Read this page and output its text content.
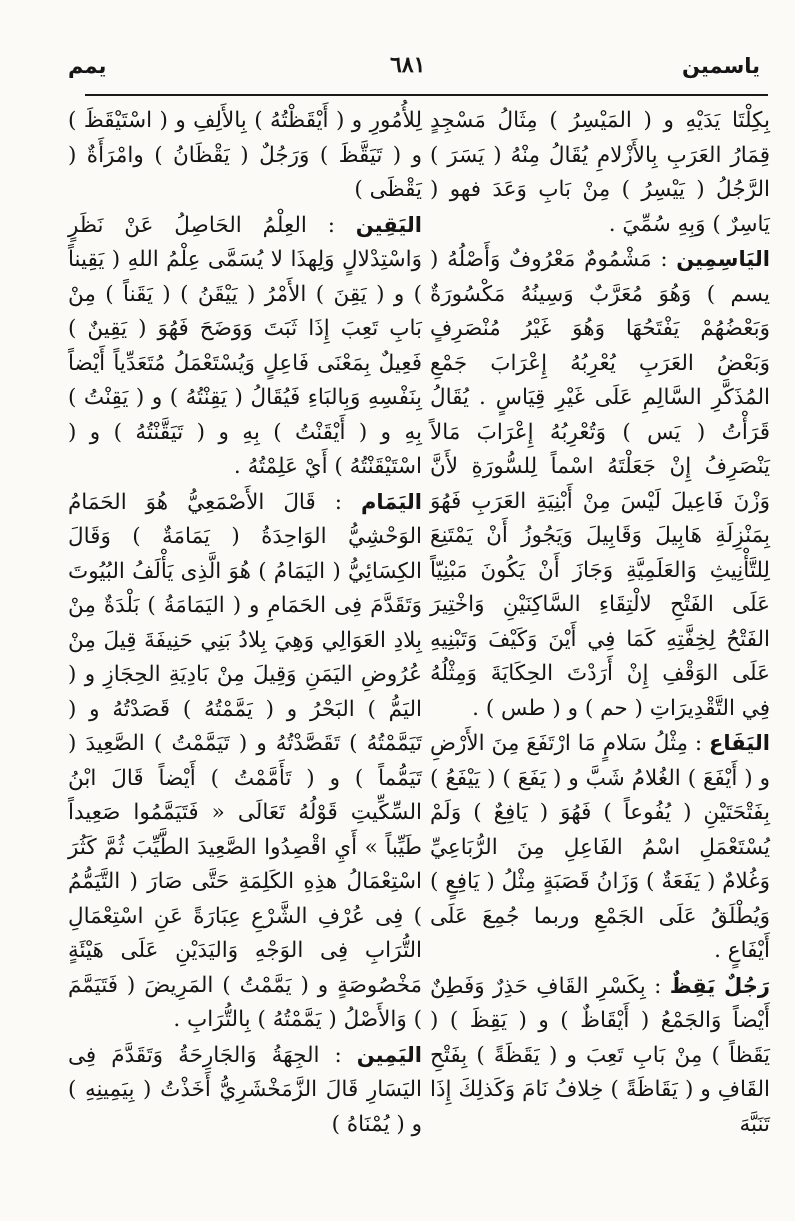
يمم	٦٨١	ياسمين

بِكِلْتَا يَدَيْهِ و ( المَيْسِرُ ) مِثَالُ مَسْجِدٍ قِمَارُ العَرَبِ بِالأَزْلامِ يُقَالُ مِنْهُ ( يَسَرَ ) الرَّجُلُ ( يَيْسِرُ ) مِنْ بَابِ وَعَدَ فهو ( يَاسِرٌ ) وَبِهِ سُمِّيَ .

اليَاسِمِين : مَشْمُومٌ مَعْرُوفٌ وَأَصْلُهُ ( يسم ) وَهُوَ مُعَرَّبٌ وَسِينُهُ مَكْسُورَةٌ وَبَعْضُهُمْ يَفْتَحُهَا وَهُوَ غَيْرُ مُنْصَرِفٍ وَبَعْضُ العَرَبِ يُعْرِبُهُ إِعْرَابَ جَمْعِ المُذَكَّرِ السَّالِمِ عَلَى غَيْرِ قِيَاسٍ . يُقَالُ قَرَأْتُ ( يَس ) وَتُعْرِبُهُ إِعْرَابَ مَالاً يَنْصَرِفُ إِنْ جَعَلْتَهُ اسْماً لِلسُّورَةِ لأَنَّ وَزْنَ فَاعِيلَ لَيْسَ مِنْ أَبْنِيَةِ العَرَبِ فَهُوَ بِمَنْزِلَةِ هَابِيلَ وَقَابِيلَ وَيَجُوزُ أَنْ يَمْتَنِعَ لِلتَّأْنِيثِ وَالعَلَمِيَّةِ وَجَازَ أَنْ يَكُونَ مَبْنِيّاً عَلَى الفَتْحِ لالْتِقَاءِ السَّاكِنَيْنِ وَاخْتِيرَ الفَتْحُ لِخِفَّتِهِ كَمَا فِي أَيْنَ وَكَيْفَ وَتَبْنِيهِ عَلَى الوَقْفِ إِنْ أَرَدْتَ الحِكَايَةَ وَمِثْلُهُ فِي التَّقْدِيرَاتِ ( حم ) و ( طس ) .

اليَفَاع : مِثْلُ سَلامٍ مَا ارْتَفَعَ مِنَ الأَرْضِ و ( أَيْفَعَ ) الغُلامُ شَبَّ و ( يَفَعَ ) ( يَيْفَعُ ) بِفَتْحَتَيْنِ ( يُفُوعاً ) فَهُوَ ( يَافِعٌ ) وَلَمْ يُسْتَعْمَلِ اسْمُ الفَاعِلِ مِنَ الرُّبَاعِيِّ وَغُلامٌ ( يَفَعَةٌ ) وَزَانُ قَصَبَةٍ مِثْلُ ( يَافِعٍ ) وَيُطْلَقُ عَلَى الجَمْعِ وربما جُمِعَ عَلَى أَيْفَاعٍ .

رَجُلٌ يَقِظٌ : بِكَسْرِ القَافِ حَذِرٌ وَفَطِنٌ أَيْضاً وَالجَمْعُ ( أَيْقَاظٌ ) و ( يَقِظَ ) ( يَقَظاً ) مِنْ بَابِ تَعِبَ و ( يَقَظَةً ) بِفَتْحِ القَافِ و ( يَقَاظَةً ) خِلافُ نَامَ وَكَذلِكَ إِذَا تَنَبَّهَ

لِلأُمُورِ و ( أَيْقَظْتُهُ ) بِالأَلِفِ و ( اسْتَيْقَظَ ) و ( تَيَقَّظَ ) وَرَجُلٌ ( يَقْظَانُ ) وامْرَأَةٌ ( يَقْظَى )

اليَقِين : العِلْمُ الحَاصِلُ عَنْ نَظَرٍ وَاسْتِدْلالٍ وَلِهذَا لا يُسَمَّى عِلْمُ اللهِ ( يَقِيناً ) و ( يَقِنَ ) الأَمْرُ ( يَيْقَنُ ) ( يَقَناً ) مِنْ بَابِ تَعِبَ إِذَا ثَبَتَ وَوَضَحَ فَهُوَ ( يَقِينٌ ) فَعِيلٌ بِمَعْنَى فَاعِلٍ وَيُسْتَعْمَلُ مُتَعَدِّياً أَيْضاً بِنَفْسِهِ وَبِالبَاءِ فَيُقَالُ ( يَقِنْتُهُ ) و ( يَقِنْتُ ) بِهِ و ( أَيْقَنْتُ ) بِهِ و ( تَيَقَّنْتُهُ ) و ( اسْتَيْقَنْتُهُ ) أَيْ عَلِمْتُهُ .

اليَمَام : قَالَ الأَصْمَعِيُّ هُوَ الحَمَامُ الوَحْشِيُّ الوَاحِدَةُ ( يَمَامَةٌ ) وَقَالَ الكِسَائِيُّ ( اليَمَامُ ) هُوَ الَّذِى يَأْلَفُ البُيُوتَ وَتَقَدَّمَ فِى الحَمَامِ و ( اليَمَامَةُ ) بَلْدَةٌ مِنْ بِلادِ العَوَالِي وَهِيَ بِلادُ بَنِي حَنِيفَةَ قِيلَ مِنْ عُرُوضِ اليَمَنِ وَقِيلَ مِنْ بَادِيَةِ الحِجَازِ و ( اليَمُّ ) البَحْرُ و ( يَمَّمْتُهُ ) قَصَدْتُهُ و ( تَيَمَّمْتُهُ ) تَقَصَّدْتُهُ و ( تَيَمَّمْتُ ) الصَّعِيدَ ( تَيَمُّماً ) و ( تَأَمَّمْتُ ) أَيْضاً قَالَ ابْنُ السِّكِّيتِ قَوْلُهُ تَعَالَى « فَتَيَمَّمُوا صَعِيداً طَيِّباً » أَيِ اقْصِدُوا الصَّعِيدَ الطَّيِّبَ ثُمَّ كَثُرَ اسْتِعْمَالُ هذِهِ الكَلِمَةِ حَتَّى صَارَ ( التَّيَمُّمُ ) فِى عُرْفِ الشَّرْعِ عِبَارَةً عَنِ اسْتِعْمَالِ التُّرَابِ فِى الوَجْهِ وَاليَدَيْنِ عَلَى هَيْئَةٍ مَخْصُوصَةٍ و ( يَمَّمْتُ ) المَرِيضَ ( فَتَيَمَّمَ ) وَالأَصْلُ ( يَمَّمْتُهُ ) بِالتُّرَابِ .

اليَمِين : الجِهَةُ وَالجَارِحَةُ وَتَقَدَّمَ فِى اليَسَارِ قَالَ الزَّمَخْشَرِيُّ أَخَذْتُ ( بِيَمِينِهِ ) و ( يُمْنَاهُ )
